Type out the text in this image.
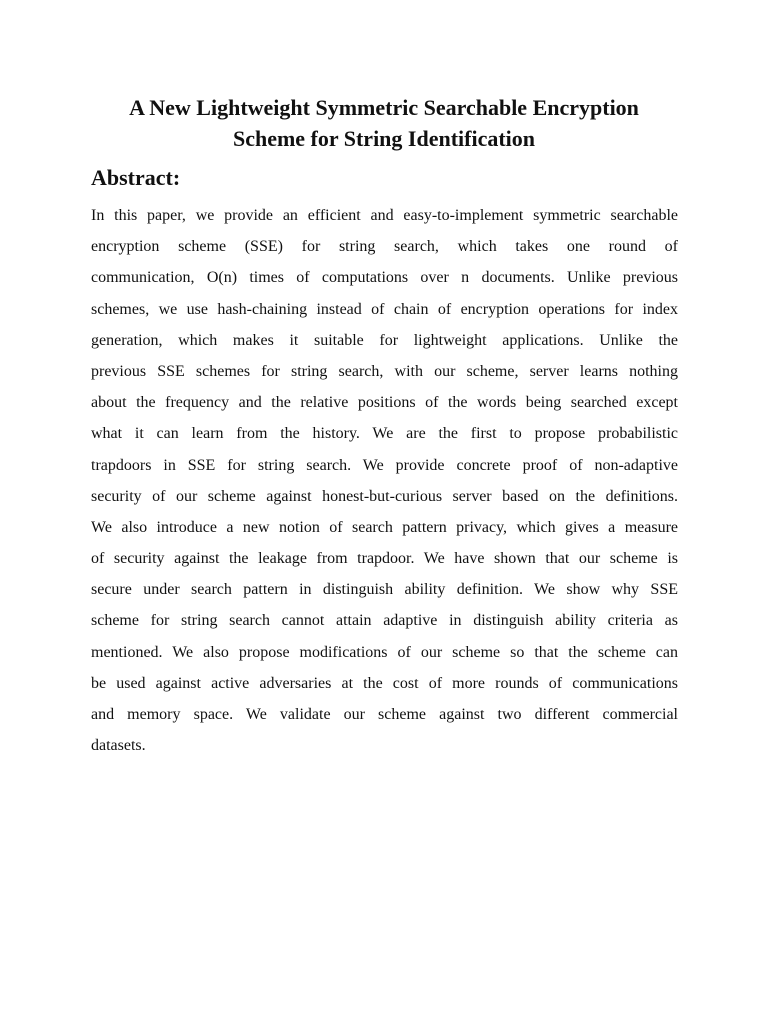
A New Lightweight Symmetric Searchable Encryption
Scheme for String Identification
Abstract:
In this paper, we provide an efficient and easy-to-implement symmetric searchable
encryption scheme (SSE) for string search, which takes one round of
communication, O(n) times of computations over n documents. Unlike previous
schemes, we use hash-chaining instead of chain of encryption operations for index
generation, which makes it suitable for lightweight applications. Unlike the
previous SSE schemes for string search, with our scheme, server learns nothing
about the frequency and the relative positions of the words being searched except
what it can learn from the history. We are the first to propose probabilistic
trapdoors in SSE for string search. We provide concrete proof of non-adaptive
security of our scheme against honest-but-curious server based on the definitions.
We also introduce a new notion of search pattern privacy, which gives a measure
of security against the leakage from trapdoor. We have shown that our scheme is
secure under search pattern in distinguish ability definition. We show why SSE
scheme for string search cannot attain adaptive in distinguish ability criteria as
mentioned. We also propose modifications of our scheme so that the scheme can
be used against active adversaries at the cost of more rounds of communications
and memory space. We validate our scheme against two different commercial
datasets.
